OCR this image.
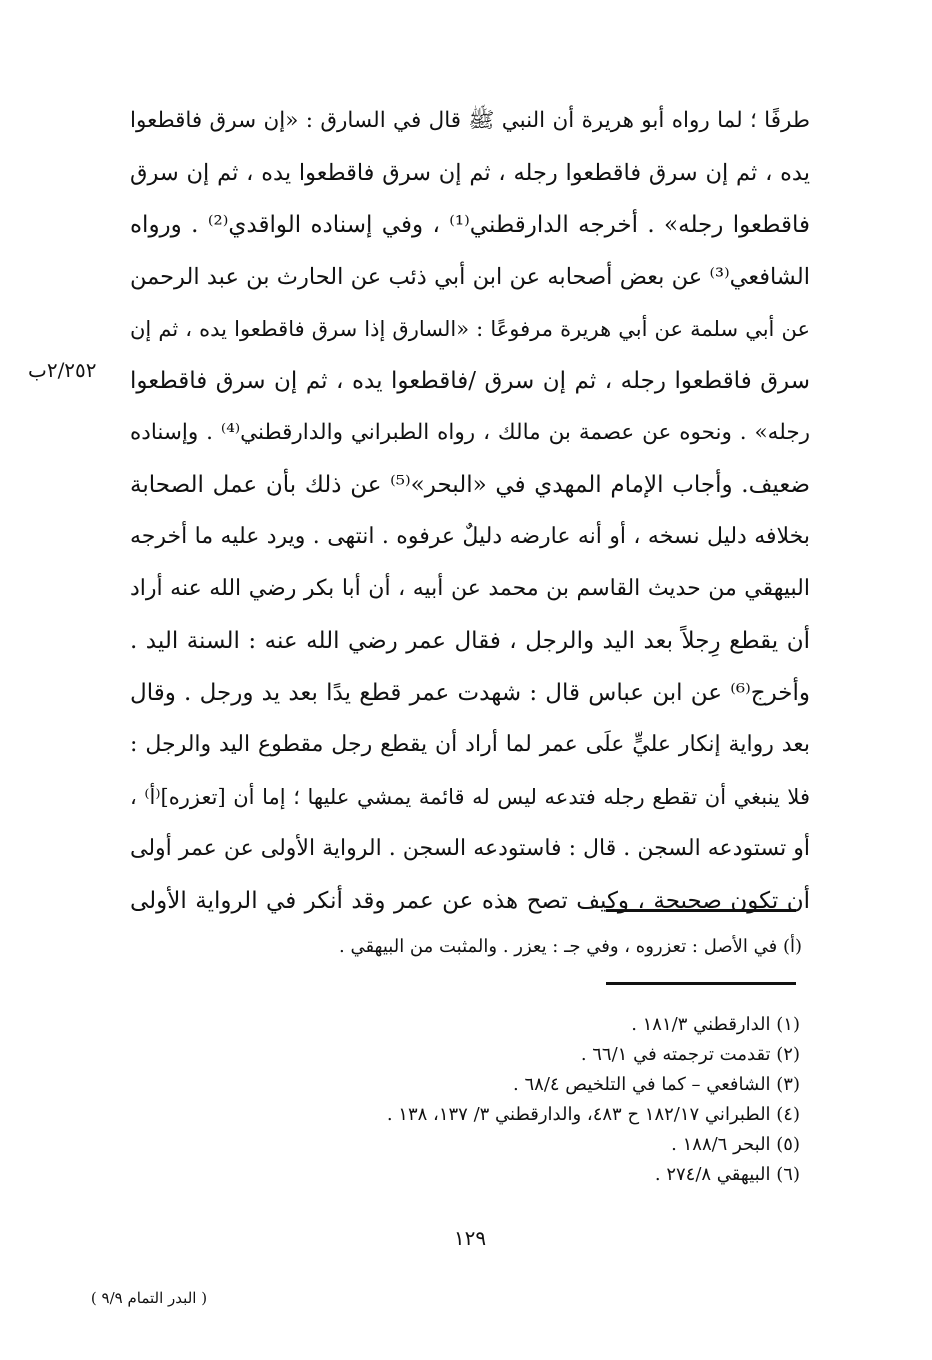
طرفًا ؛ لما رواه أبو هريرة أن النبي ﷺ قال في السارق : «إن سرق فاقطعوا
يده ، ثم إن سرق فاقطعوا رجله ، ثم إن سرق فاقطعوا يده ، ثم إن سرق
فاقطعوا رجله» . أخرجه الدارقطني⁽¹⁾ ، وفي إسناده الواقدي⁽²⁾ . ورواه
الشافعي⁽³⁾ عن بعض أصحابه عن ابن أبي ذئب عن الحارث بن عبد الرحمن
عن أبي سلمة عن أبي هريرة مرفوعًا : «السارق إذا سرق فاقطعوا يده ، ثم إن
سرق فاقطعوا رجله ، ثم إن سرق /فاقطعوا يده ، ثم إن سرق فاقطعوا
رجله» . ونحوه عن عصمة بن مالك ، رواه الطبراني والدارقطني⁽⁴⁾ . وإسناده
ضعيف. وأجاب الإمام المهدي في «البحر»⁽⁵⁾ عن ذلك بأن عمل الصحابة
بخلافه دليل نسخه ، أو أنه عارضه دليلٌ عرفوه . انتهى . ويرد عليه ما أخرجه
البيهقي من حديث القاسم بن محمد عن أبيه ، أن أبا بكر رضي الله عنه أراد
أن يقطع رِجلاً بعد اليد والرجل ، فقال عمر رضي الله عنه : السنة اليد .
وأخرج⁽⁶⁾ عن ابن عباس قال : شهدت عمر قطع يدًا بعد يد ورجل . وقال
بعد رواية إنكار عليٍّ علَى عمر لما أراد أن يقطع رجل مقطوع اليد والرجل :
فلا ينبغي أن تقطع رجله فتدعه ليس له قائمة يمشي عليها ؛ إما أن [تعزره]⁽أ⁾ ،
أو تستودعه السجن . قال : فاستودعه السجن . الرواية الأولى عن عمر أولى
أن تكون صحيحة ، وكيف تصح هذه عن عمر وقد أنكر في الرواية الأولى
٢/٢٥٢ب
(أ) في الأصل : تعزروه ، وفي جـ : يعزر . والمثبت من البيهقي .
(١) الدارقطني ١٨١/٣ .
(٢) تقدمت ترجمته في ٦٦/١ .
(٣) الشافعي – كما في التلخيص ٦٨/٤ .
(٤) الطبراني ١٨٢/١٧ ح ٤٨٣، والدارقطني ٣/ ١٣٧، ١٣٨ .
(٥) البحر ١٨٨/٦ .
(٦) البيهقي ٢٧٤/٨ .
١٢٩
( البدر التمام ٩/٩ )
